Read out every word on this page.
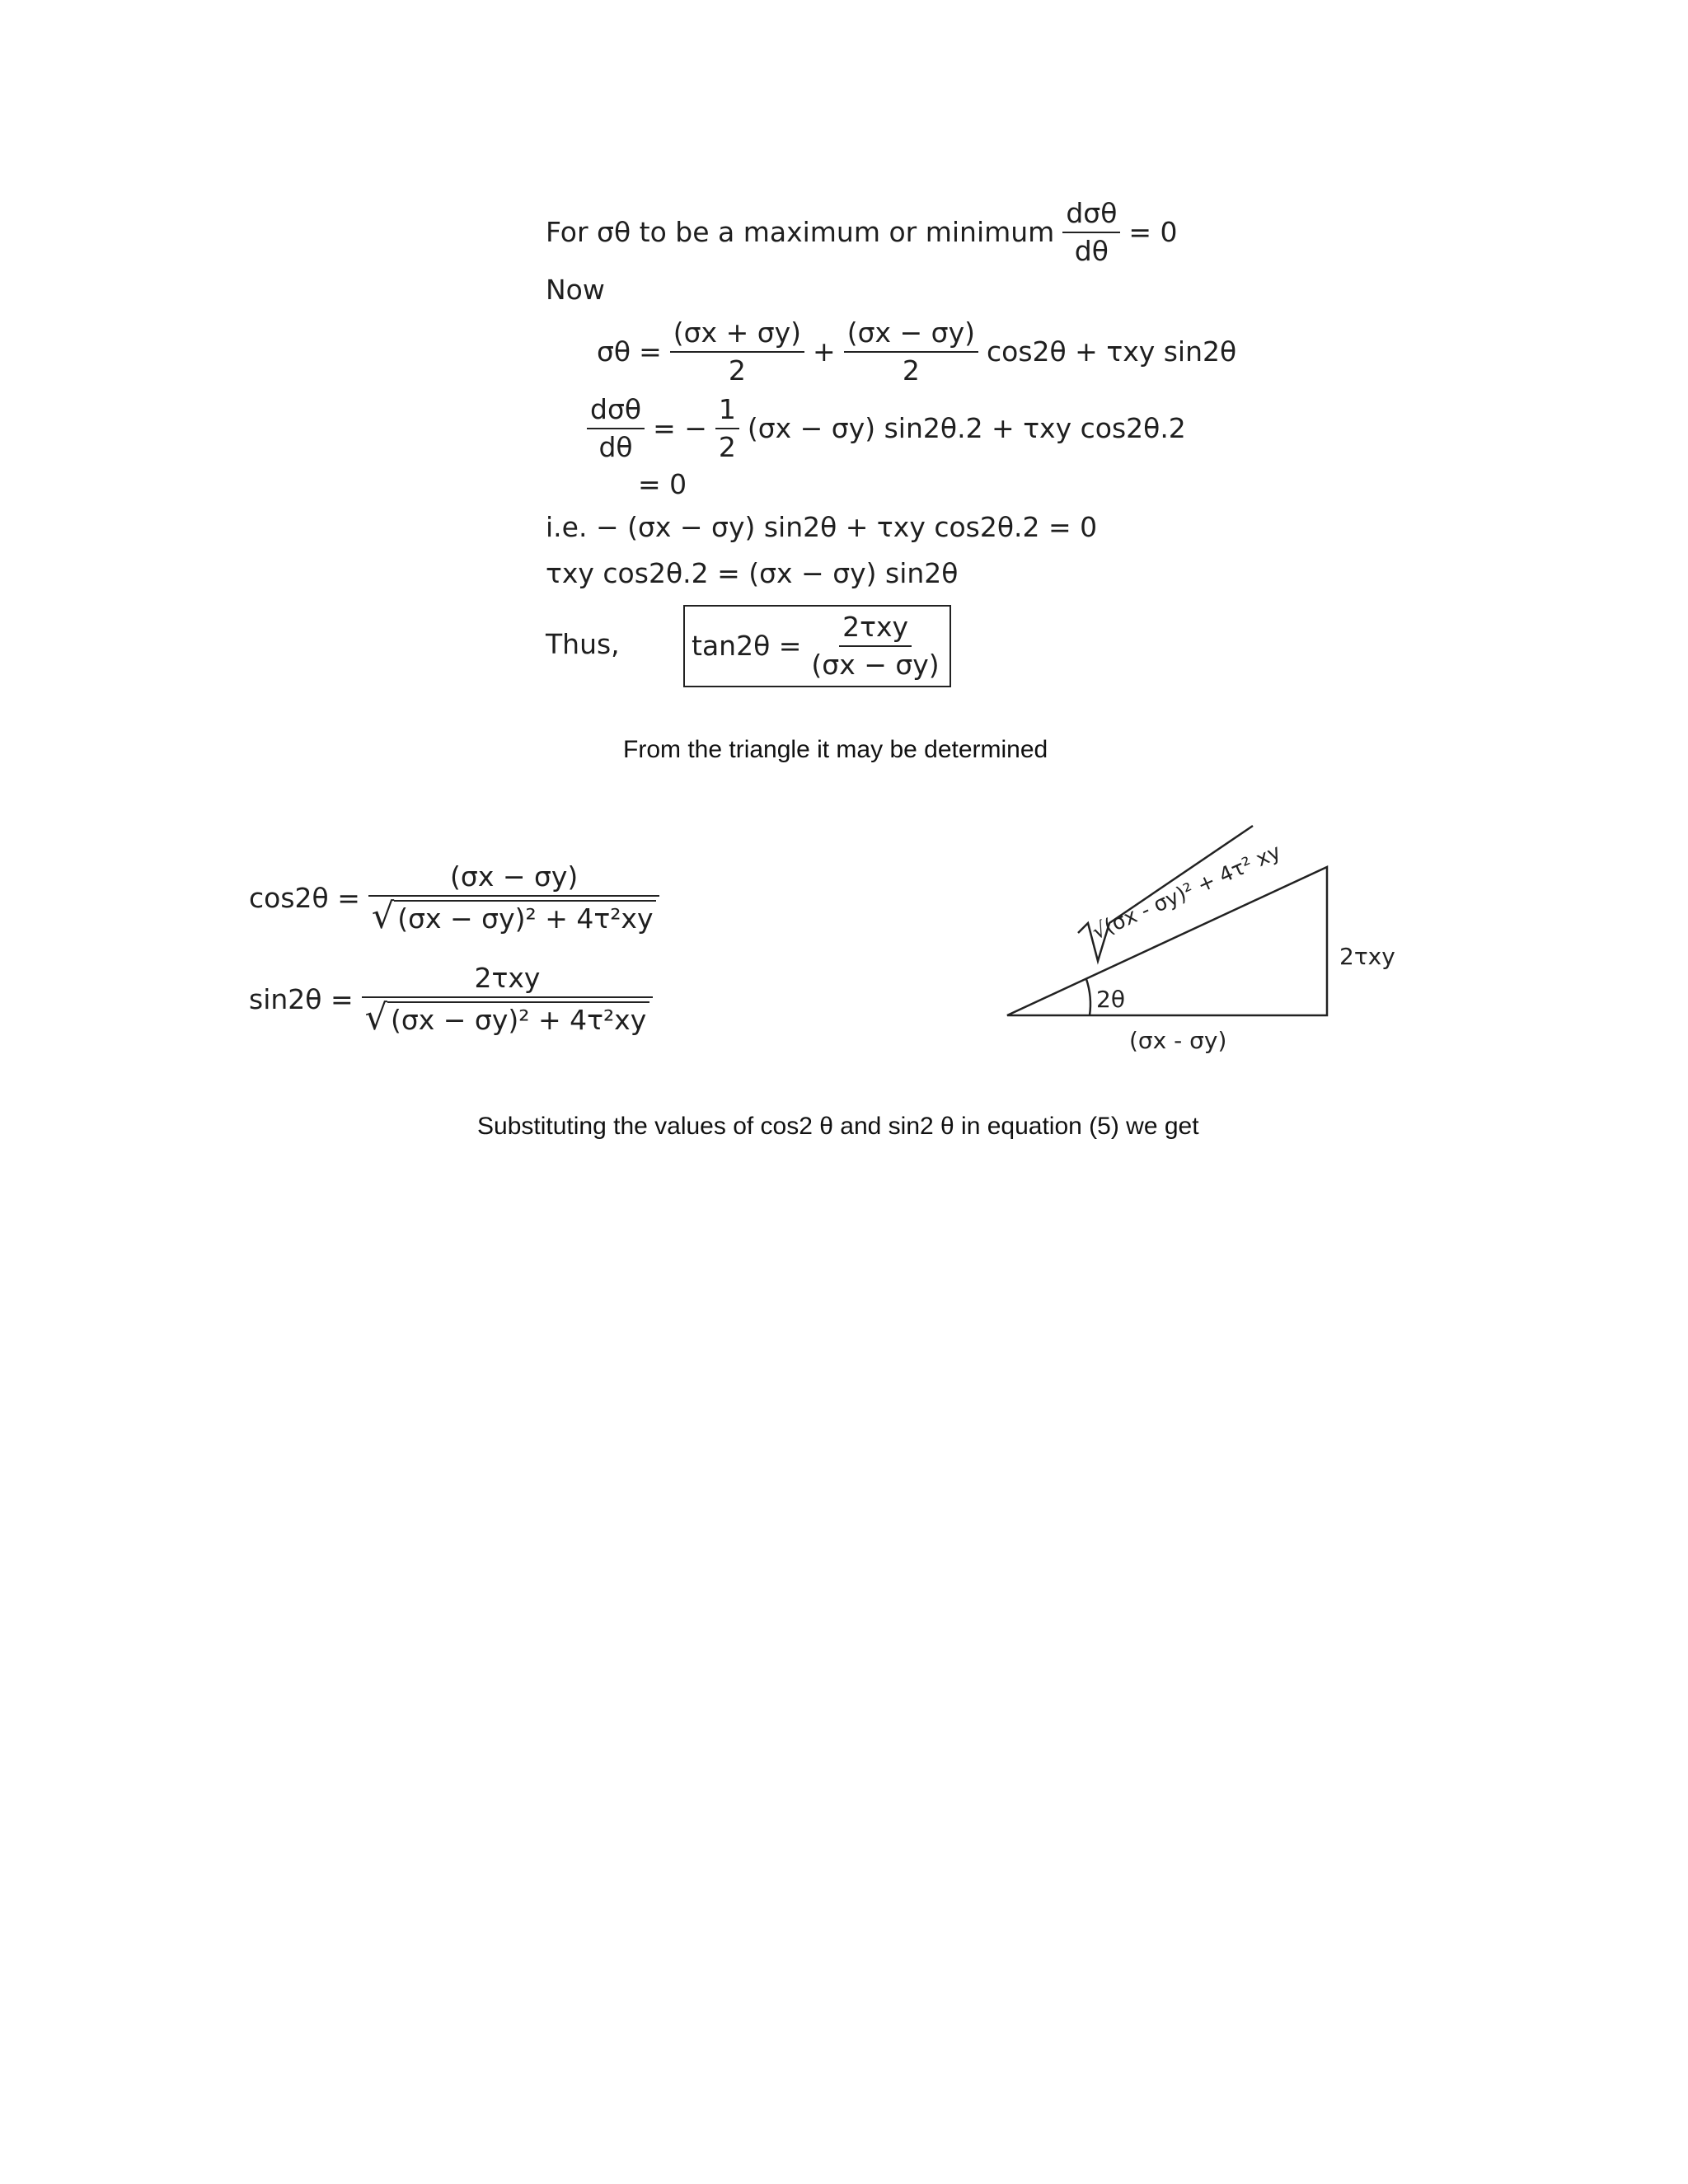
For σθ to be a maximum or minimum $\frac{\text{dσθ}}{d\theta} = 0$
Now
$\sigma\theta = \frac{(\sigma x + \sigma y)}{2} + \frac{(\sigma x - \sigma y)}{2} \cos 2\theta + \tau xy$ sin2θ
$\frac{\text{dσθ}}{d\theta}$ = − $\frac{1}{2} (\sigma x - \sigma y) \sin 2\theta.2 + \tau xy$ cos2θ.2
= 0
i.e. − (σx − σy) sin2θ + τxy cos2θ.2 = 0
τxy cos2θ.2 = (σx − σy) sin2θ
Thus,	$\tan 2\theta = \frac{\text{2τxy}}{(\sigma x - \sigma y)}$
From the triangle it may be determined
$\cos 2\theta = \frac{(\sigma x - \sigma y)}{\text{√ (σx − σy)² + 4τ²xy}}$
$\sin 2\theta = \frac{\text{2τxy}}{\text{√ (σx − σy)² + 4τ²xy}}$
√(σx - σy)² + 4τ² xy
2τxy
2θ
(σx - σy)
Substituting the values of cos2 θ and sin2 θ in equation (5) we get
